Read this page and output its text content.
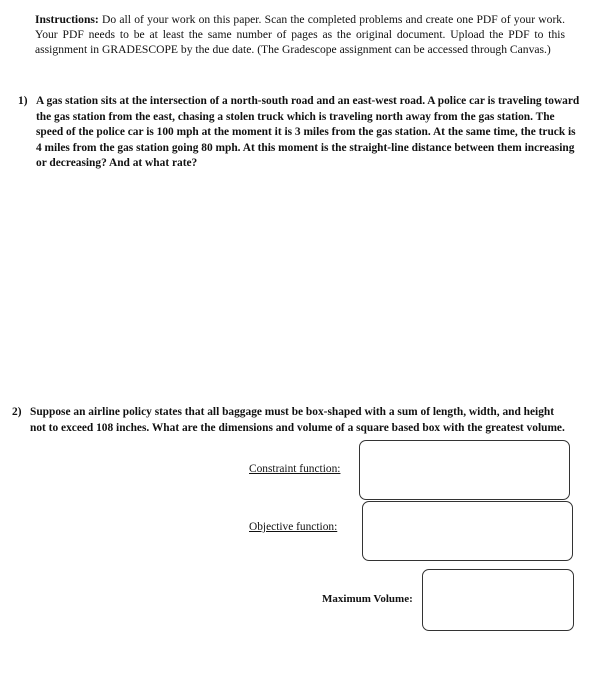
Instructions: Do all of your work on this paper. Scan the completed problems and create one PDF of your work. Your PDF needs to be at least the same number of pages as the original document. Upload the PDF to this assignment in GRADESCOPE by the due date. (The Gradescope assignment can be accessed through Canvas.)
1) A gas station sits at the intersection of a north-south road and an east-west road. A police car is traveling toward the gas station from the east, chasing a stolen truck which is traveling north away from the gas station. The speed of the police car is 100 mph at the moment it is 3 miles from the gas station. At the same time, the truck is 4 miles from the gas station going 80 mph. At this moment is the straight-line distance between them increasing or decreasing? And at what rate?
2) Suppose an airline policy states that all baggage must be box-shaped with a sum of length, width, and height not to exceed 108 inches. What are the dimensions and volume of a square based box with the greatest volume.
Constraint function:
Objective function:
Maximum Volume:
